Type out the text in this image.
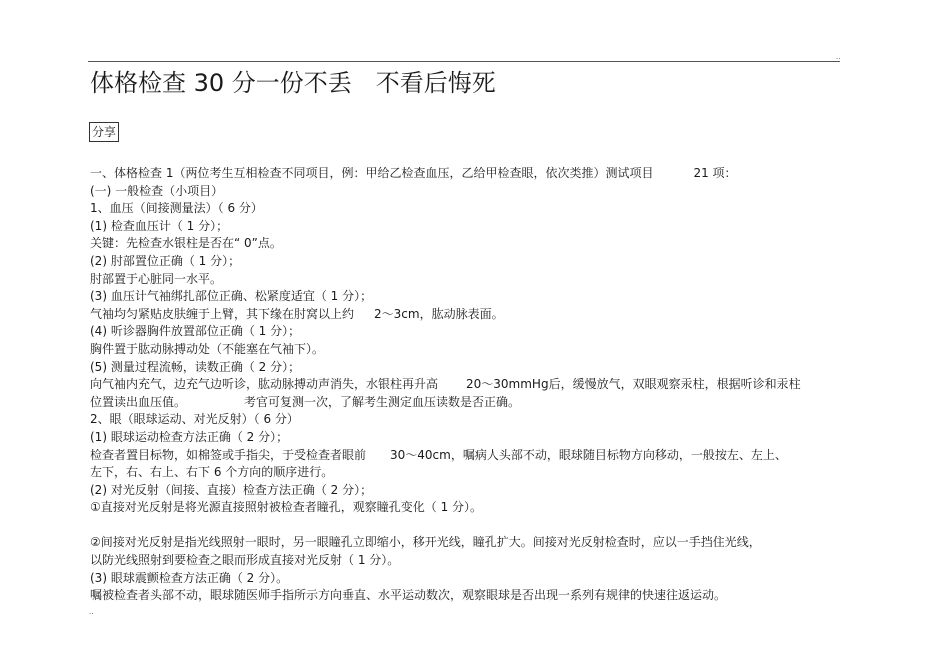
..
..
体格检查 30 分一份不丢　不看后悔死
分享
一、体格检查 1（两位考生互相检查不同项目，例：甲给乙检查血压，乙给甲检查眼，依次类推）测试项目	21 项：
(一) 一般检查（小项目）
1、血压（间接测量法）（ 6 分）
(1) 检查血压计（ 1 分）；
关键：先检查水银柱是否在“ 0”点。
(2) 肘部置位正确（ 1 分）；
肘部置于心脏同一水平。
(3) 血压计气袖绑扎部位正确、松紧度适宜（ 1 分）；
气袖均匀紧贴皮肤缠于上臂，其下缘在肘窝以上约 2～3cm，肱动脉表面。
(4) 听诊器胸件放置部位正确（ 1 分）；
胸件置于肱动脉搏动处（不能塞在气袖下）。
(5) 测量过程流畅，读数正确（ 2 分）；
向气袖内充气，边充气边听诊，肱动脉搏动声消失，水银柱再升高 20～30mmHg后，缓慢放气，双眼观察汞柱，根据听诊和汞柱
位置读出血压值。	考官可复测一次，了解考生测定血压读数是否正确。
2、眼（眼球运动、对光反射）（ 6 分）
(1) 眼球运动检查方法正确（ 2 分）；
检查者置目标物，如棉签或手指尖，于受检查者眼前 30～40cm，嘱病人头部不动，眼球随目标物方向移动，一般按左、左上、
左下，右、右上、右下 6 个方向的顺序进行。
(2) 对光反射（间接、直接）检查方法正确（ 2 分）；
①直接对光反射是将光源直接照射被检查者瞳孔，观察瞳孔变化（ 1 分）。
②间接对光反射是指光线照射一眼时，另一眼瞳孔立即缩小，移开光线，瞳孔扩大。间接对光反射检查时，应以一手挡住光线，
以防光线照射到要检查之眼而形成直接对光反射（ 1 分）。
(3) 眼球震颤检查方法正确（ 2 分）。
嘱被检查者头部不动，眼球随医师手指所示方向垂直、水平运动数次，观察眼球是否出现一系列有规律的快速往返运动。
